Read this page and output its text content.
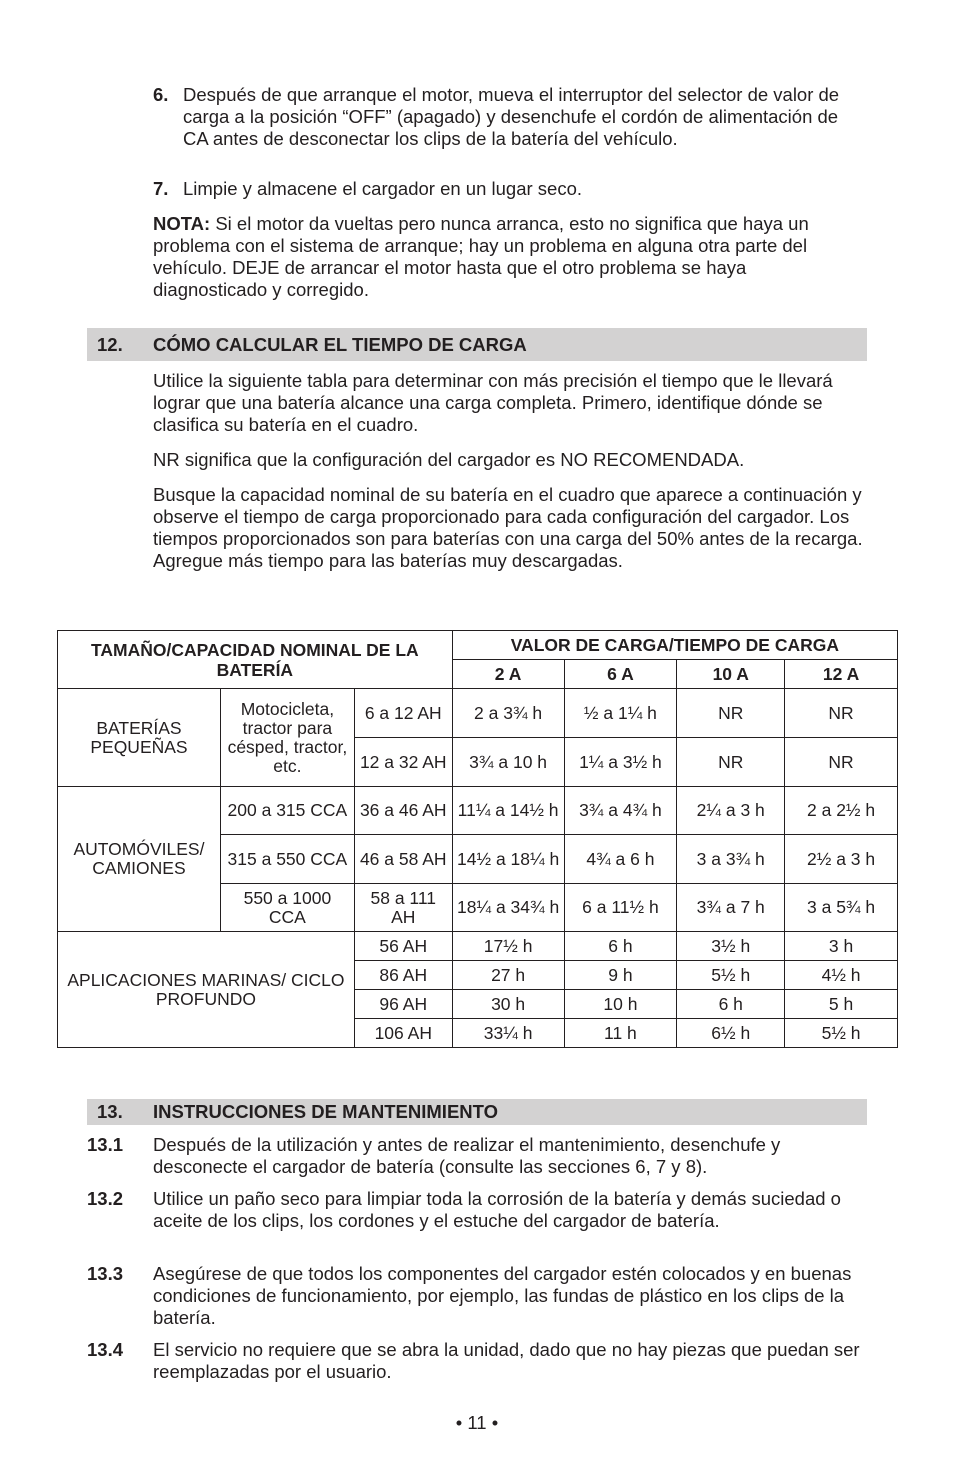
6. Después de que arranque el motor, mueva el interruptor del selector de valor de carga a la posición “OFF” (apagado) y desenchufe el cordón de alimentación de CA antes de desconectar los clips de la batería del vehículo.
7. Limpie y almacene el cargador en un lugar seco.
NOTA: Si el motor da vueltas pero nunca arranca, esto no significa que haya un problema con el sistema de arranque; hay un problema en alguna otra parte del vehículo. DEJE de arrancar el motor hasta que el otro problema se haya diagnosticado y corregido.
12. CÓMO CALCULAR EL TIEMPO DE CARGA
Utilice la siguiente tabla para determinar con más precisión el tiempo que le llevará lograr que una batería alcance una carga completa. Primero, identifique dónde se clasifica su batería en el cuadro.
NR significa que la configuración del cargador es NO RECOMENDADA.
Busque la capacidad nominal de su batería en el cuadro que aparece a continuación y observe el tiempo de carga proporcionado para cada configuración del cargador. Los tiempos proporcionados son para baterías con una carga del 50% antes de la recarga. Agregue más tiempo para las baterías muy descargadas.
TAMAÑO/CAPACIDAD NOMINAL DE LA BATERÍA			VALOR DE CARGA/TIEMPO DE CARGA			
			2 A	6 A	10 A	12 A
BATERÍAS PEQUEÑAS	Motocicleta, tractor para césped, tractor, etc.	6 a 12 AH	2 a 3¾ h	½ a 1¼ h	NR	NR
		12 a 32 AH	3¾ a 10 h	1¼ a 3½ h	NR	NR
AUTOMÓVILES/ CAMIONES	200 a 315 CCA	36 a 46 AH	11¼ a 14½ h	3¾ a 4¾ h	2¼ a 3 h	2 a 2½ h
	315 a 550 CCA	46 a 58 AH	14½ a 18¼ h	4¾ a 6 h	3 a 3¾ h	2½ a 3 h
	550 a 1000 CCA	58 a 111 AH	18¼ a 34¾ h	6 a 11½ h	3¾ a 7 h	3 a 5¾ h
APLICACIONES MARINAS/ CICLO PROFUNDO		56 AH	17½ h	6 h	3½ h	3 h
		86 AH	27 h	9 h	5½ h	4½ h
		96 AH	30 h	10 h	6 h	5 h
		106 AH	33¼ h	11 h	6½ h	5½ h
13. INSTRUCCIONES DE MANTENIMIENTO
13.1 Después de la utilización y antes de realizar el mantenimiento, desenchufe y desconecte el cargador de batería (consulte las secciones 6, 7 y 8).
13.2 Utilice un paño seco para limpiar toda la corrosión de la batería y demás suciedad o aceite de los clips, los cordones y el estuche del cargador de batería.
13.3 Asegúrese de que todos los componentes del cargador estén colocados y en buenas condiciones de funcionamiento, por ejemplo, las fundas de plástico en los clips de la batería.
13.4 El servicio no requiere que se abra la unidad, dado que no hay piezas que puedan ser reemplazadas por el usuario.
• 11 •
